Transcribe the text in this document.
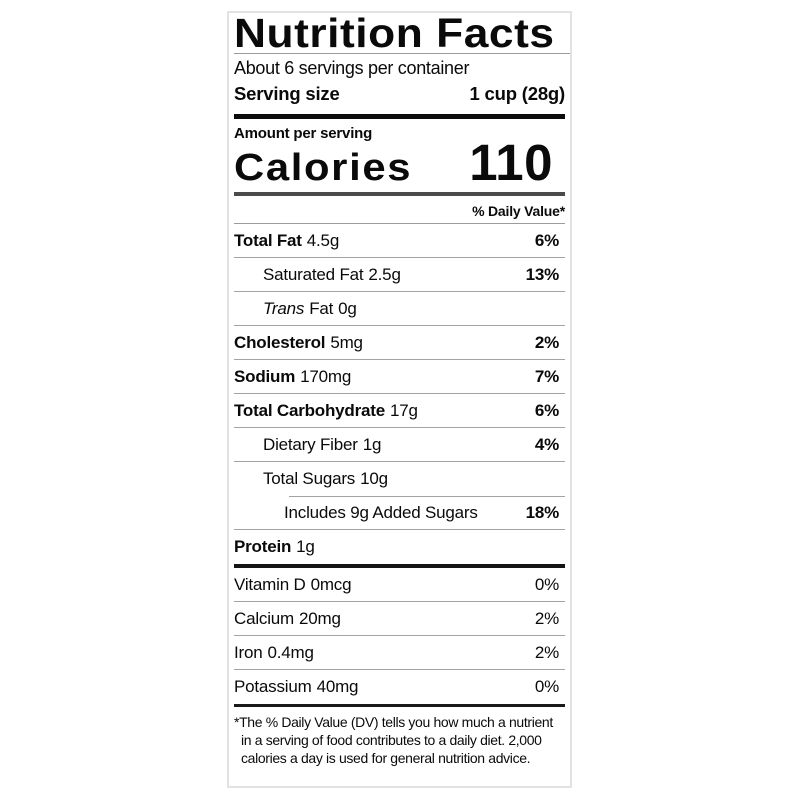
Nutrition Facts
About 6 servings per container
Serving size	1 cup (28g)
Amount per serving
Calories 110
% Daily Value*
Total Fat 4.5g	6%
Saturated Fat 2.5g	13%
Trans Fat 0g
Cholesterol 5mg	2%
Sodium 170mg	7%
Total Carbohydrate 17g	6%
Dietary Fiber 1g	4%
Total Sugars 10g
Includes 9g Added Sugars	18%
Protein 1g
Vitamin D 0mcg	0%
Calcium 20mg	2%
Iron 0.4mg	2%
Potassium 40mg	0%
*The % Daily Value (DV) tells you how much a nutrient
in a serving of food contributes to a daily diet. 2,000
calories a day is used for general nutrition advice.
